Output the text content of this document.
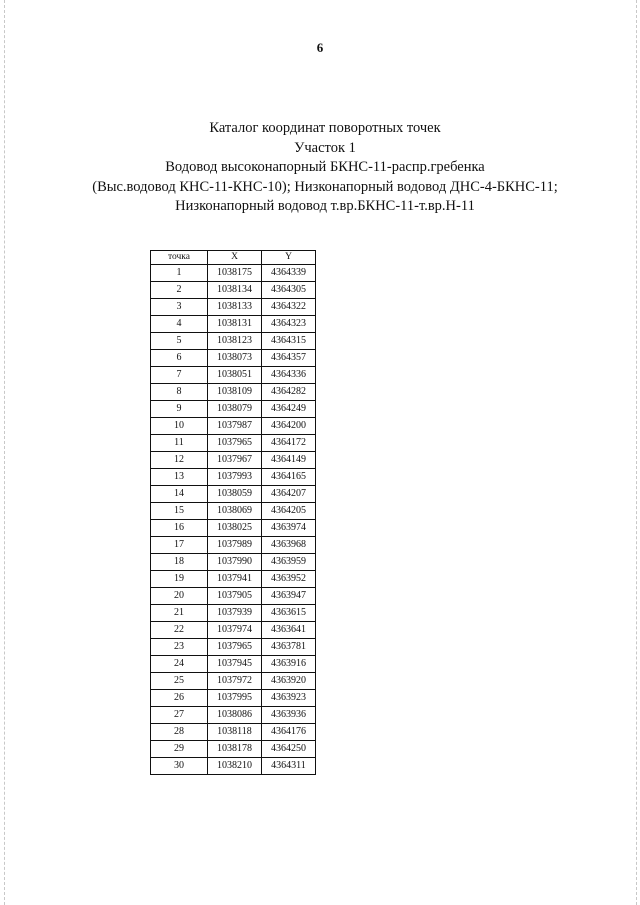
6
Каталог координат поворотных точек
Участок 1
Водовод высоконапорный БКНС-11-распр.гребенка
(Выс.водовод КНС-11-КНС-10); Низконапорный водовод ДНС-4-БКНС-11;
Низконапорный водовод т.вр.БКНС-11-т.вр.Н-11
точка	X	Y
1	1038175	4364339
2	1038134	4364305
3	1038133	4364322
4	1038131	4364323
5	1038123	4364315
6	1038073	4364357
7	1038051	4364336
8	1038109	4364282
9	1038079	4364249
10	1037987	4364200
11	1037965	4364172
12	1037967	4364149
13	1037993	4364165
14	1038059	4364207
15	1038069	4364205
16	1038025	4363974
17	1037989	4363968
18	1037990	4363959
19	1037941	4363952
20	1037905	4363947
21	1037939	4363615
22	1037974	4363641
23	1037965	4363781
24	1037945	4363916
25	1037972	4363920
26	1037995	4363923
27	1038086	4363936
28	1038118	4364176
29	1038178	4364250
30	1038210	4364311
